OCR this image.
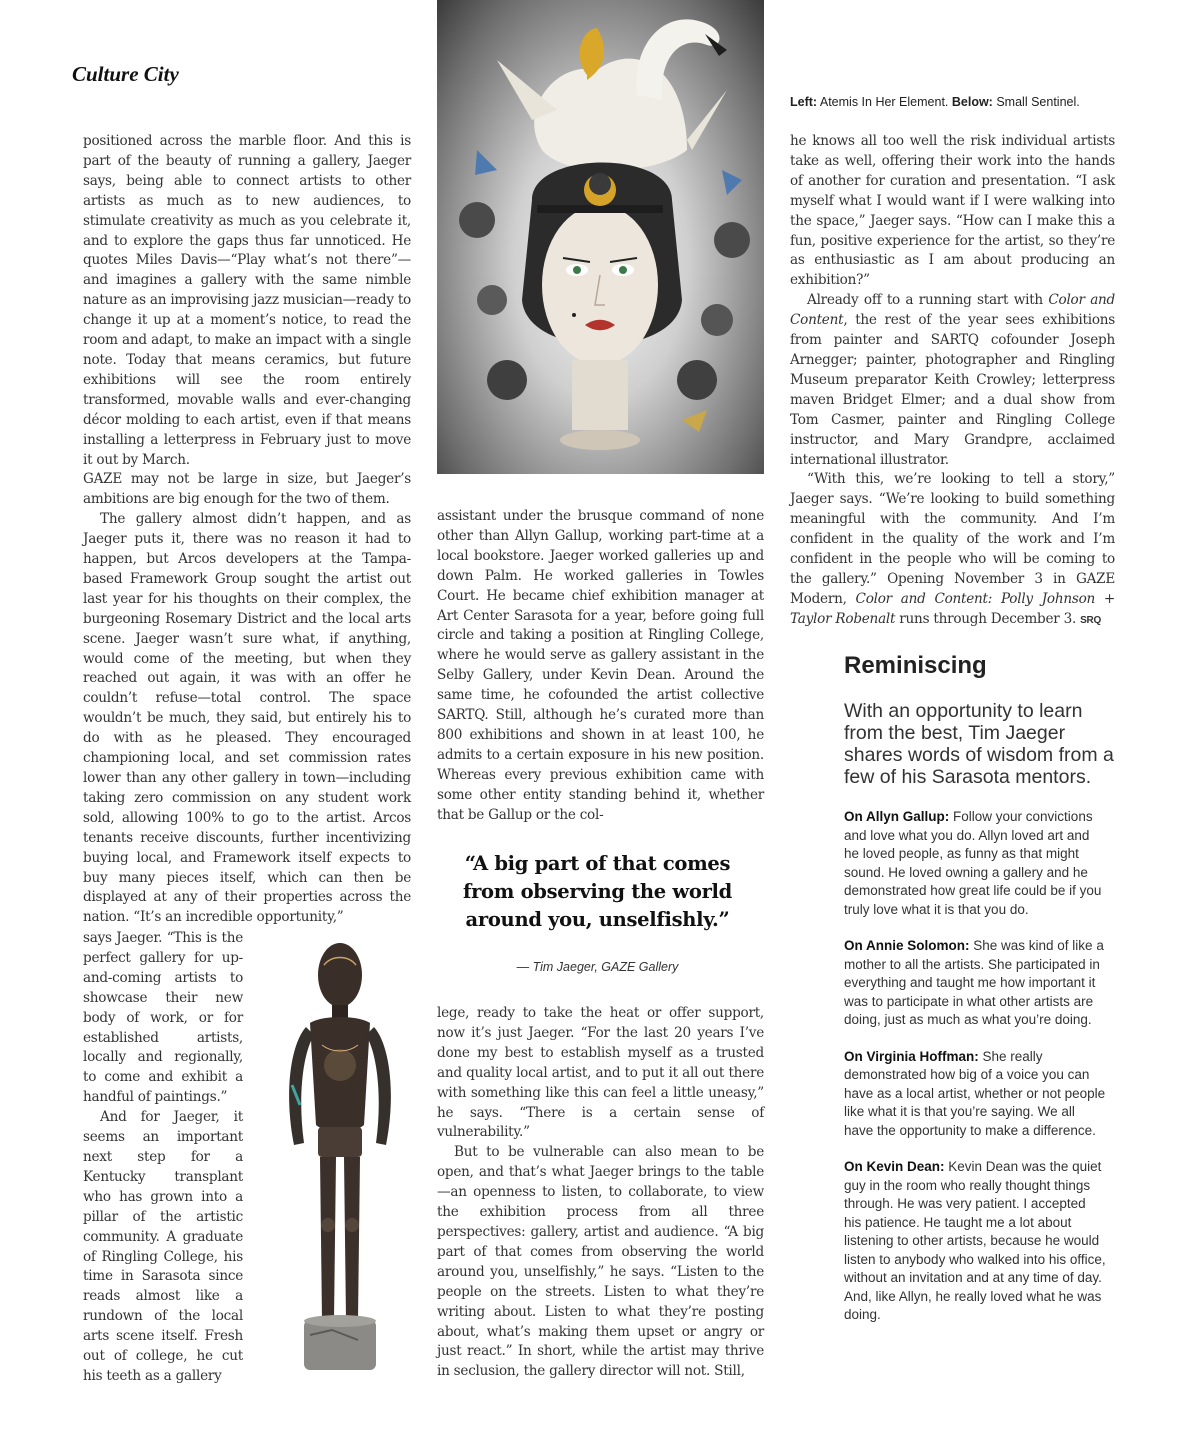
Culture City
Left: Atemis In Her Element. Below: Small Sentinel.

positioned across the marble floor. And this is part of the beauty of running a gallery, Jaeger says, being able to connect artists to other artists as much as to new audiences, to stimulate creativity as much as you celebrate it, and to explore the gaps thus far unnoticed. He quotes Miles Davis—“Play what’s not there”—and imagines a gallery with the same nimble nature as an improvising jazz musician—ready to change it up at a moment’s notice, to read the room and adapt, to make an impact with a single note. Today that means ceramics, but future exhibitions will see the room entirely transformed, movable walls and ever-changing décor molding to each artist, even if that means installing a letterpress in February just to move it out by March.

GAZE may not be large in size, but Jaeger’s ambitions are big enough for the two of them.

The gallery almost didn’t happen, and as Jaeger puts it, there was no reason it had to happen, but Arcos developers at the Tampa-based Framework Group sought the artist out last year for his thoughts on their complex, the burgeoning Rosemary District and the local arts scene. Jaeger wasn’t sure what, if anything, would come of the meeting, but when they reached out again, it was with an offer he couldn’t refuse—total control. The space wouldn’t be much, they said, but entirely his to do with as he pleased. They encouraged championing local, and set commission rates lower than any other gallery in town—including taking zero commission on any student work sold, allowing 100% to go to the artist. Arcos tenants receive discounts, further incentivizing buying local, and Framework itself expects to buy many pieces itself, which can then be displayed at any of their properties across the nation. “It’s an incredible opportunity,”

says Jaeger. “This is the perfect gallery for up-and-coming artists to showcase their new body of work, or for established artists, locally and regionally, to come and exhibit a handful of paintings.”

And for Jaeger, it seems an important next step for a Kentucky transplant who has grown into a pillar of the artistic community. A graduate of Ringling College, his time in Sarasota since reads almost like a rundown of the local arts scene itself. Fresh out of college, he cut his teeth as a gallery

assistant under the brusque command of none other than Allyn Gallup, working part-time at a local bookstore. Jaeger worked galleries up and down Palm. He worked galleries in Towles Court. He became chief exhibition manager at Art Center Sarasota for a year, before going full circle and taking a position at Ringling College, where he would serve as gallery assistant in the Selby Gallery, under Kevin Dean. Around the same time, he cofounded the artist collective SARTQ. Still, although he’s curated more than 800 exhibitions and shown in at least 100, he admits to a certain exposure in his new position. Whereas every previous exhibition came with some other entity standing behind it, whether that be Gallup or the col-

“A big part of that comes from observing the world around you, unselfishly.”
— Tim Jaeger, GAZE Gallery

lege, ready to take the heat or offer support, now it’s just Jaeger. “For the last 20 years I’ve done my best to establish myself as a trusted and quality local artist, and to put it all out there with something like this can feel a little uneasy,” he says. “There is a certain sense of vulnerability.”

But to be vulnerable can also mean to be open, and that’s what Jaeger brings to the table—an openness to listen, to collaborate, to view the exhibition process from all three perspectives: gallery, artist and audience. “A big part of that comes from observing the world around you, unselfishly,” he says. “Listen to the people on the streets. Listen to what they’re writing about. Listen to what they’re posting about, what’s making them upset or angry or just react.” In short, while the artist may thrive in seclusion, the gallery director will not. Still,

he knows all too well the risk individual artists take as well, offering their work into the hands of another for curation and presentation. “I ask myself what I would want if I were walking into the space,” Jaeger says. “How can I make this a fun, positive experience for the artist, so they’re as enthusiastic as I am about producing an exhibition?”

Already off to a running start with Color and Content, the rest of the year sees exhibitions from painter and SARTQ cofounder Joseph Arnegger; painter, photographer and Ringling Museum preparator Keith Crowley; letterpress maven Bridget Elmer; and a dual show from Tom Casmer, painter and Ringling College instructor, and Mary Grandpre, acclaimed international illustrator.

“With this, we’re looking to tell a story,” Jaeger says. “We’re looking to build something meaningful with the community. And I’m confident in the quality of the work and I’m confident in the people who will be coming to the gallery.” Opening November 3 in GAZE Modern, Color and Content: Polly Johnson + Taylor Robenalt runs through December 3. SRQ

Reminiscing
With an opportunity to learn from the best, Tim Jaeger shares words of wisdom from a few of his Sarasota mentors.

On Allyn Gallup: Follow your convictions and love what you do. Allyn loved art and he loved people, as funny as that might sound. He loved owning a gallery and he demonstrated how great life could be if you truly love what it is that you do.

On Annie Solomon: She was kind of like a mother to all the artists. She participated in everything and taught me how important it was to participate in what other artists are doing, just as much as what you’re doing.

On Virginia Hoffman: She really demonstrated how big of a voice you can have as a local artist, whether or not people like what it is that you’re saying. We all have the opportunity to make a difference.

On Kevin Dean: Kevin Dean was the quiet guy in the room who really thought things through. He was very patient. I accepted his patience. He taught me a lot about listening to other artists, because he would listen to anybody who walked into his office, without an invitation and at any time of day. And, like Allyn, he really loved what he was doing.
